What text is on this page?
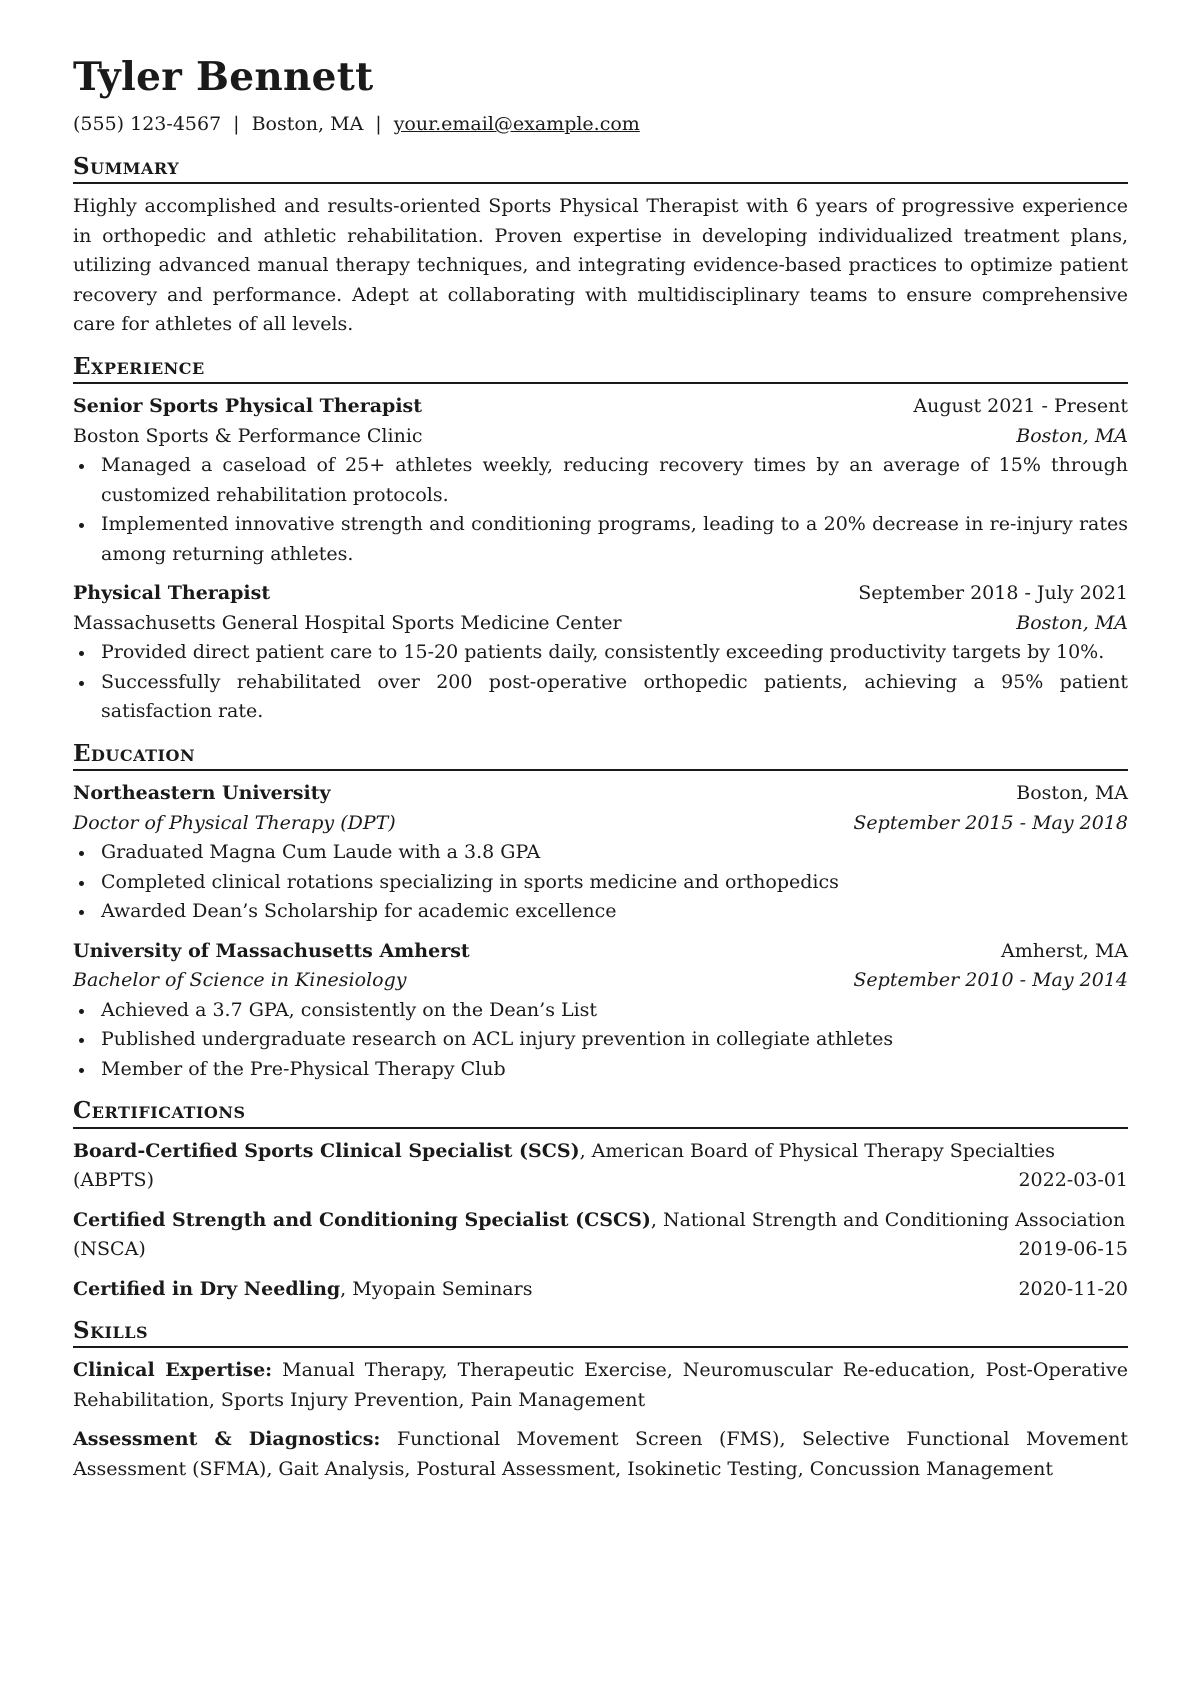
Tyler Bennett
(555) 123-4567 | Boston, MA | your.email@example.com
Summary
Highly accomplished and results-oriented Sports Physical Therapist with 6 years of progressive experience in orthopedic and athletic rehabilitation. Proven expertise in developing individualized treatment plans, utilizing advanced manual therapy techniques, and integrating evidence-based practices to optimize patient recovery and performance. Adept at collaborating with multidisciplinary teams to ensure comprehensive care for athletes of all levels.
Experience
Senior Sports Physical Therapist	August 2021 - Present
Boston Sports & Performance Clinic	Boston, MA
Managed a caseload of 25+ athletes weekly, reducing recovery times by an average of 15% through customized rehabilitation protocols.
Implemented innovative strength and conditioning programs, leading to a 20% decrease in re-injury rates among returning athletes.
Physical Therapist	September 2018 - July 2021
Massachusetts General Hospital Sports Medicine Center	Boston, MA
Provided direct patient care to 15-20 patients daily, consistently exceeding productivity targets by 10%.
Successfully rehabilitated over 200 post-operative orthopedic patients, achieving a 95% patient satisfaction rate.
Education
Northeastern University	Boston, MA
Doctor of Physical Therapy (DPT)	September 2015 - May 2018
Graduated Magna Cum Laude with a 3.8 GPA
Completed clinical rotations specializing in sports medicine and orthopedics
Awarded Dean’s Scholarship for academic excellence
University of Massachusetts Amherst	Amherst, MA
Bachelor of Science in Kinesiology	September 2010 - May 2014
Achieved a 3.7 GPA, consistently on the Dean’s List
Published undergraduate research on ACL injury prevention in collegiate athletes
Member of the Pre-Physical Therapy Club
Certifications
Board-Certified Sports Clinical Specialist (SCS), American Board of Physical Therapy Specialties (ABPTS)	2022-03-01
Certified Strength and Conditioning Specialist (CSCS), National Strength and Conditioning Association (NSCA)	2019-06-15
Certified in Dry Needling, Myopain Seminars	2020-11-20
Skills
Clinical Expertise: Manual Therapy, Therapeutic Exercise, Neuromuscular Re-education, Post-Operative Rehabilitation, Sports Injury Prevention, Pain Management
Assessment & Diagnostics: Functional Movement Screen (FMS), Selective Functional Movement Assessment (SFMA), Gait Analysis, Postural Assessment, Isokinetic Testing, Concussion Management
